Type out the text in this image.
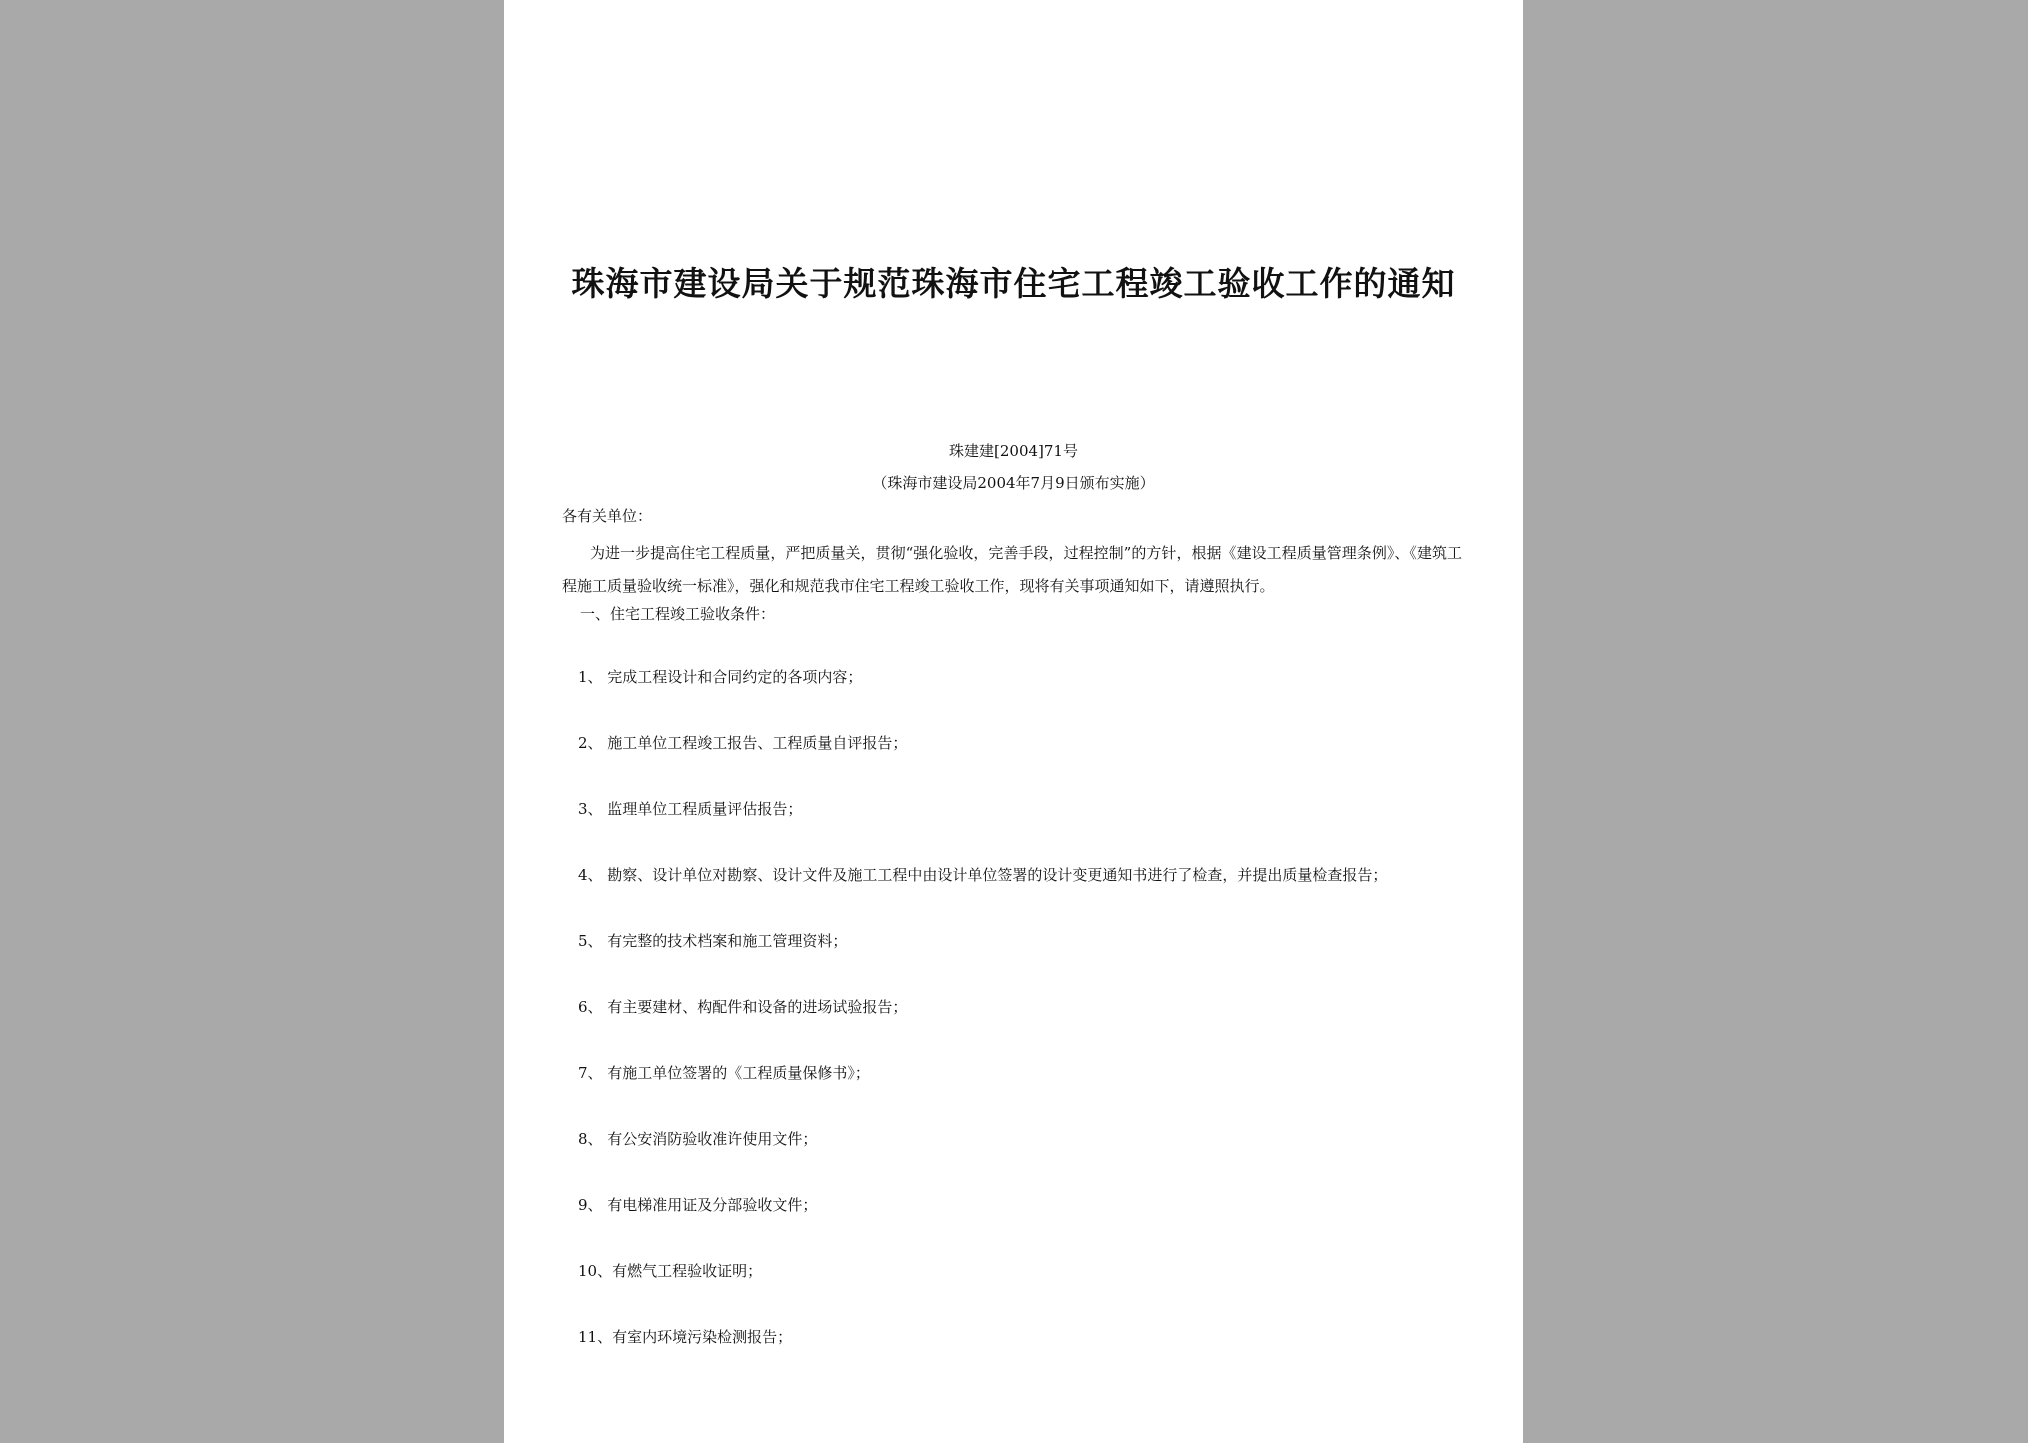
珠海市建设局关于规范珠海市住宅工程竣工验收工作的通知
珠建建[2004]71号
（珠海市建设局2004年7月9日颁布实施）
各有关单位：
为进一步提高住宅工程质量，严把质量关，贯彻“强化验收，完善手段，过程控制”的方针，根据《建设工程质量管理条例》、《建筑工程施工质量验收统一标准》，强化和规范我市住宅工程竣工验收工作，现将有关事项通知如下，请遵照执行。
一、住宅工程竣工验收条件：
1、 完成工程设计和合同约定的各项内容；
2、 施工单位工程竣工报告、工程质量自评报告；
3、 监理单位工程质量评估报告；
4、 勘察、设计单位对勘察、设计文件及施工工程中由设计单位签署的设计变更通知书进行了检查，并提出质量检查报告；
5、 有完整的技术档案和施工管理资料；
6、 有主要建材、构配件和设备的进场试验报告；
7、 有施工单位签署的《工程质量保修书》；
8、 有公安消防验收准许使用文件；
9、 有电梯准用证及分部验收文件；
10、有燃气工程验收证明；
11、有室内环境污染检测报告；
